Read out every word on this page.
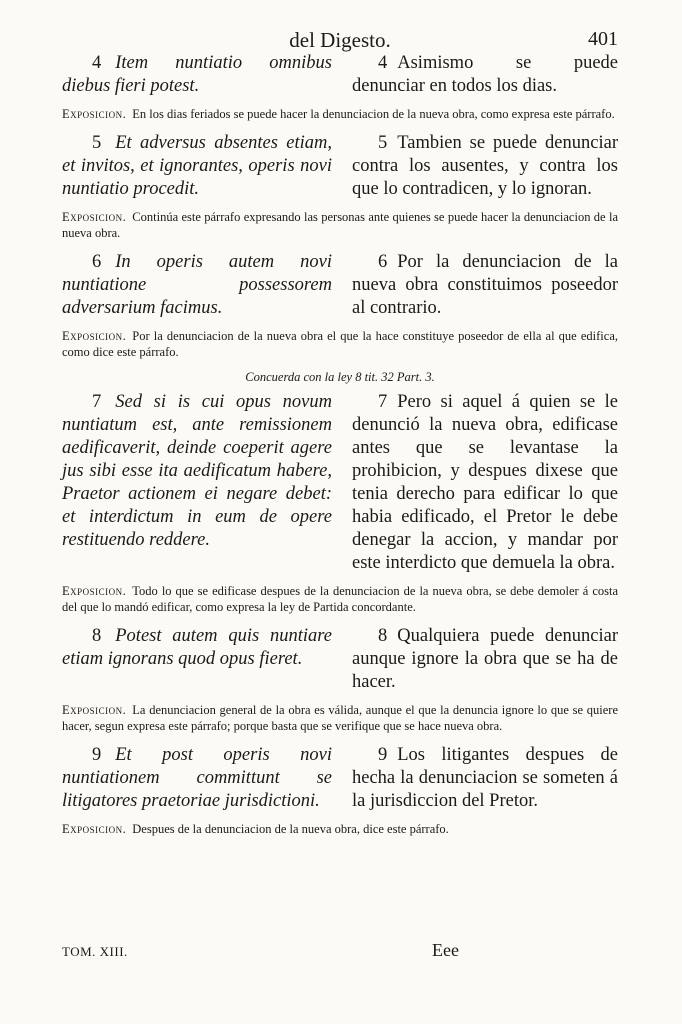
del Digesto.	401
4 Item nuntiatio omnibus diebus fieri potest.
4 Asimismo se puede denunciar en todos los dias.
Exposicion. En los dias feriados se puede hacer la denunciacion de la nueva obra, como expresa este párrafo.
5 Et adversus absentes etiam, et invitos, et ignorantes, operis novi nuntiatio procedit.
5 Tambien se puede denunciar contra los ausentes, y contra los que lo contradicen, y lo ignoran.
Exposicion. Continúa este párrafo expresando las personas ante quienes se puede hacer la denunciacion de la nueva obra.
6 In operis autem novi nuntiatione possessorem adversarium facimus.
6 Por la denunciacion de la nueva obra constituimos poseedor al contrario.
Exposicion. Por la denunciacion de la nueva obra el que la hace constituye poseedor de ella al que edifica, como dice este párrafo.
Concuerda con la ley 8 tit. 32 Part. 3.
7 Sed si is cui opus novum nuntiatum est, ante remissionem aedificaverit, deinde coeperit agere jus sibi esse ita aedificatum habere, Praetor actionem ei negare debet: et interdictum in eum de opere restituendo reddere.
7 Pero si aquel á quien se le denunció la nueva obra, edificase antes que se levantase la prohibicion, y despues dixese que tenia derecho para edificar lo que habia edificado, el Pretor le debe denegar la accion, y mandar por este interdicto que demuela la obra.
Exposicion. Todo lo que se edificase despues de la denunciacion de la nueva obra, se debe demoler á costa del que lo mandó edificar, como expresa la ley de Partida concordante.
8 Potest autem quis nuntiare etiam ignorans quod opus fieret.
8 Qualquiera puede denunciar aunque ignore la obra que se ha de hacer.
Exposicion. La denunciacion general de la obra es válida, aunque el que la denuncia ignore lo que se quiere hacer, segun expresa este párrafo; porque basta que se verifique que se hace nueva obra.
9 Et post operis novi nuntiationem committunt se litigatores praetoriae jurisdictioni.
9 Los litigantes despues de hecha la denunciacion se someten á la jurisdiccion del Pretor.
Exposicion. Despues de la denunciacion de la nueva obra, dice este párrafo.
TOM. XIII.	Eee
